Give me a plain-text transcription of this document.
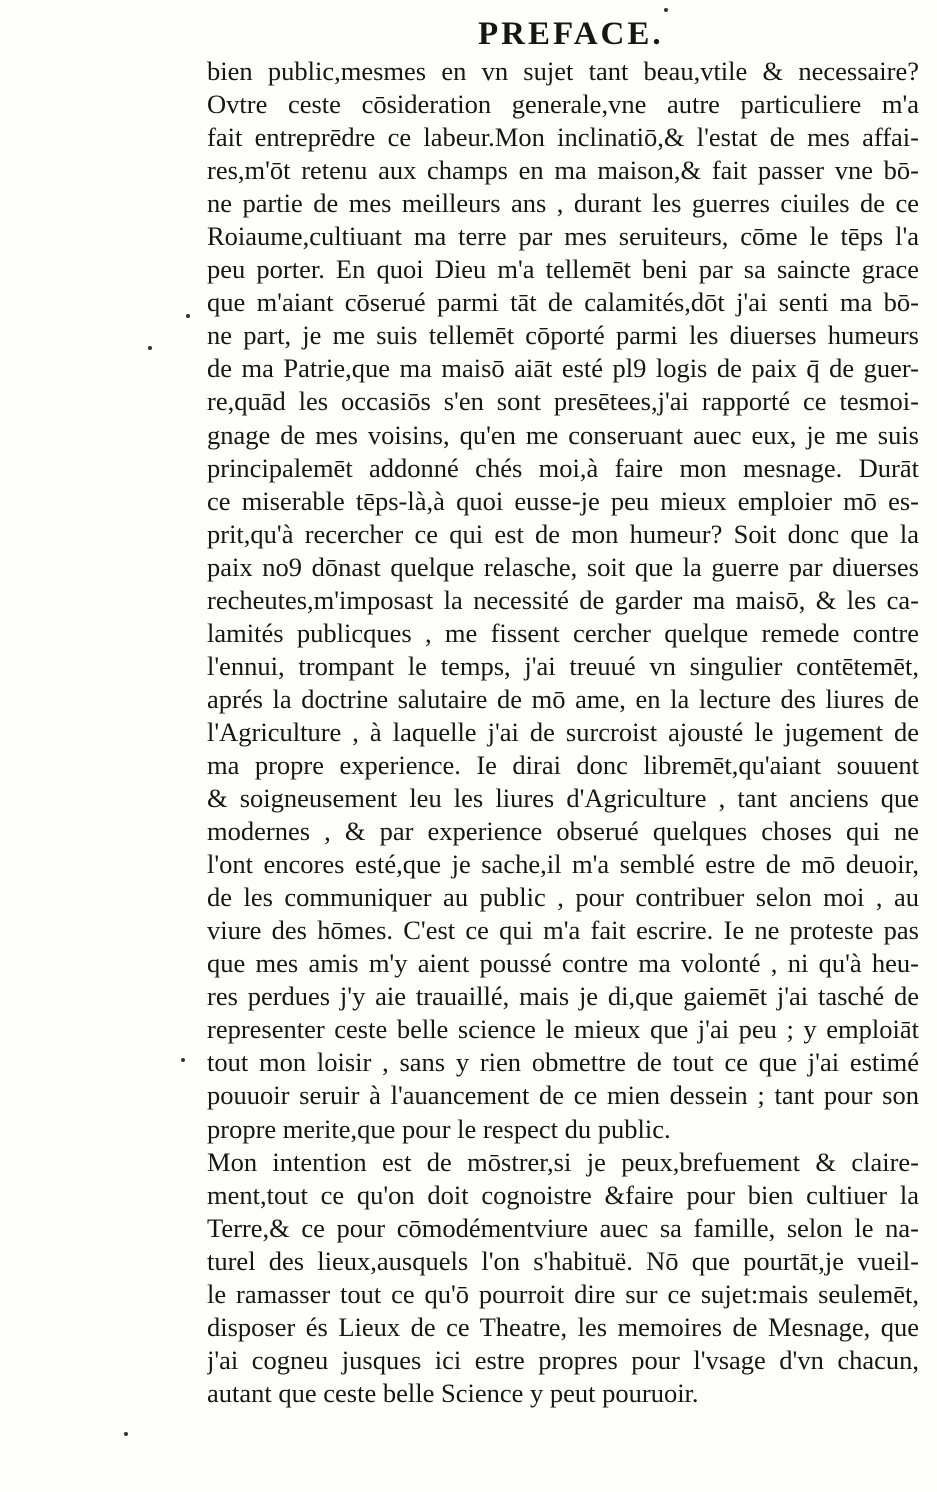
PREFACE.
bien public,mesmes en vn sujet tant beau,vtile & necessaire?
Ovtre ceste cōsideration generale,vne autre particuliere m'a
fait entreprēdre ce labeur.Mon inclinatiō,& l'estat de mes affai-
res,m'ōt retenu aux champs en ma maison,& fait passer vne bō-
ne partie de mes meilleurs ans , durant les guerres ciuiles de ce
Roiaume,cultiuant ma terre par mes seruiteurs, cōme le tēps l'a
peu porter. En quoi Dieu m'a tellemēt beni par sa saincte grace
que m'aiant cōserué parmi tāt de calamités,dōt j'ai senti ma bō-
ne part, je me suis tellemēt cōporté parmi les diuerses humeurs
de ma Patrie,que ma maisō aiāt esté pl9 logis de paix q̄ de guer-
re,quād les occasiōs s'en sont presētees,j'ai rapporté ce tesmoi-
gnage de mes voisins, qu'en me conseruant auec eux, je me suis
principalemēt addonné chés moi,à faire mon mesnage. Durāt
ce miserable tēps-là,à quoi eusse-je peu mieux emploier mō es-
prit,qu'à recercher ce qui est de mon humeur? Soit donc que la
paix no9 dōnast quelque relasche, soit que la guerre par diuerses
recheutes,m'imposast la necessité de garder ma maisō, & les ca-
lamités publicques , me fissent cercher quelque remede contre
l'ennui, trompant le temps, j'ai treuué vn singulier contētemēt,
aprés la doctrine salutaire de mō ame, en la lecture des liures de
l'Agriculture , à laquelle j'ai de surcroist ajousté le jugement de
ma propre experience. Ie dirai donc libremēt,qu'aiant souuent
& soigneusement leu les liures d'Agriculture , tant anciens que
modernes , & par experience obserué quelques choses qui ne
l'ont encores esté,que je sache,il m'a semblé estre de mō deuoir,
de les communiquer au public , pour contribuer selon moi , au
viure des hōmes. C'est ce qui m'a fait escrire. Ie ne proteste pas
que mes amis m'y aient poussé contre ma volonté , ni qu'à heu-
res perdues j'y aie trauaillé, mais je di,que gaiemēt j'ai tasché de
representer ceste belle science le mieux que j'ai peu ; y emploiāt
tout mon loisir , sans y rien obmettre de tout ce que j'ai estimé
pouuoir seruir à l'auancement de ce mien dessein ; tant pour son
propre merite,que pour le respect du public.
Mon intention est de mōstrer,si je peux,brefuement & claire-
ment,tout ce qu'on doit cognoistre &faire pour bien cultiuer la
Terre,& ce pour cōmodémentviure auec sa famille, selon le na-
turel des lieux,ausquels l'on s'habituë. Nō que pourtāt,je vueil-
le ramasser tout ce qu'ō pourroit dire sur ce sujet:mais seulemēt,
disposer és Lieux de ce Theatre, les memoires de Mesnage, que
j'ai cogneu jusques ici estre propres pour l'vsage d'vn chacun,
autant que ceste belle Science y peut pouruoir.
